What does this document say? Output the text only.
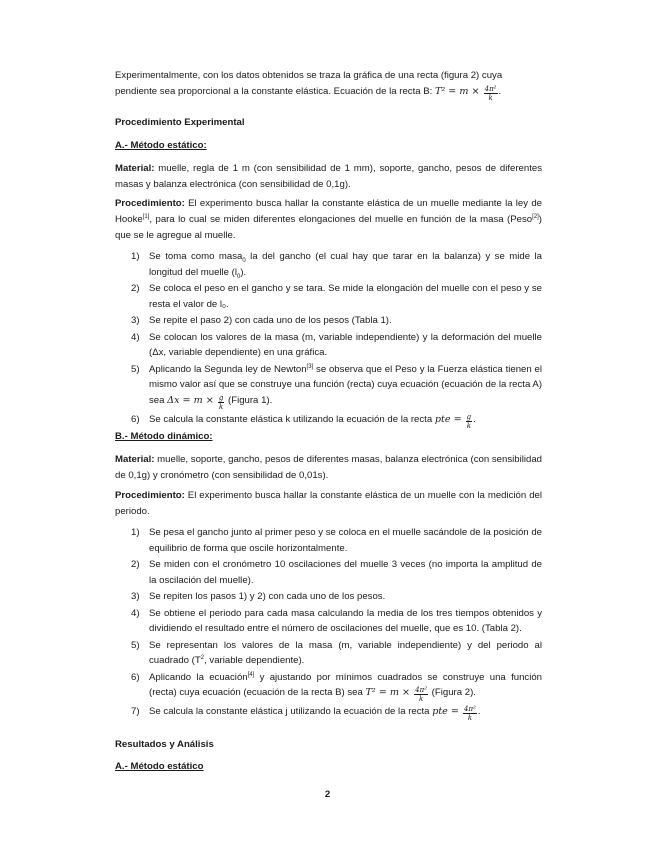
Experimentalmente, con los datos obtenidos se traza la gráfica de una recta (figura 2) cuya
pendiente sea proporcional a la constante elástica. Ecuación de la recta B: $T^2 = m \times \frac{\text{4π²}}{k}$ .
Procedimiento Experimental
A.- Método estático:
Material: muelle, regla de 1 m (con sensibilidad de 1 mm), soporte, gancho, pesos de diferentes masas y balanza electrónica (con sensibilidad de 0,1g).
Procedimiento: El experimento busca hallar la constante elástica de un muelle mediante la ley de Hooke[1], para lo cual se miden diferentes elongaciones del muelle en función de la masa (Peso[2]) que se le agregue al muelle.
1) Se toma como masa$_0$ la del gancho (el cual hay que tarar en la balanza) y se mide la longitud del muelle $(l_0)$.
2) Se coloca el peso en el gancho y se tara. Se mide la elongación del muelle con el peso y se resta el valor de l₀.
3) Se repite el paso 2) con cada uno de los pesos (Tabla 1).
4) Se colocan los valores de la masa (m, variable independiente) y la deformación del muelle (Δx, variable dependiente) en una gráfica.
5) Aplicando la Segunda ley de Newton[3] se observa que el Peso y la Fuerza elástica tienen el mismo valor así que se construye una función (recta) cuya ecuación (ecuación de la recta A) sea $\Delta x = m \times \frac{g}{k}$ (Figura 1).
6) Se calcula la constante elástica k utilizando la ecuación de la recta pte = $\frac{g}{k}$ .
B.- Método dinámico:
Material: muelle, soporte, gancho, pesos de diferentes masas, balanza electrónica (con sensibilidad de 0,1g) y cronómetro (con sensibilidad de 0,01s).
Procedimiento: El experimento busca hallar la constante elástica de un muelle con la medición del periodo.
1) Se pesa el gancho junto al primer peso y se coloca en el muelle sacándole de la posición de equilibrio de forma que oscile horizontalmente.
2) Se miden con el cronómetro 10 oscilaciones del muelle 3 veces (no importa la amplitud de la oscilación del muelle).
3) Se repiten los pasos 1) y 2) con cada uno de los pesos.
4) Se obtiene el periodo para cada masa calculando la media de los tres tiempos obtenidos y dividiendo el resultado entre el número de oscilaciones del muelle, que es 10. (Tabla 2).
5) Se representan los valores de la masa (m, variable independiente) y del periodo al cuadrado ($T^2$, variable dependiente).
6) Aplicando la ecuación[4] y ajustando por mínimos cuadrados se construye una función (recta) cuya ecuación (ecuación de la recta B) sea $T^2 = m \times \frac{\text{4π²}}{k}$ (Figura 2).
7) Se calcula la constante elástica j utilizando la ecuación de la recta pte = $\frac{\text{4π²}}{k}$ .
Resultados y Análisis
A.- Método estático
2
